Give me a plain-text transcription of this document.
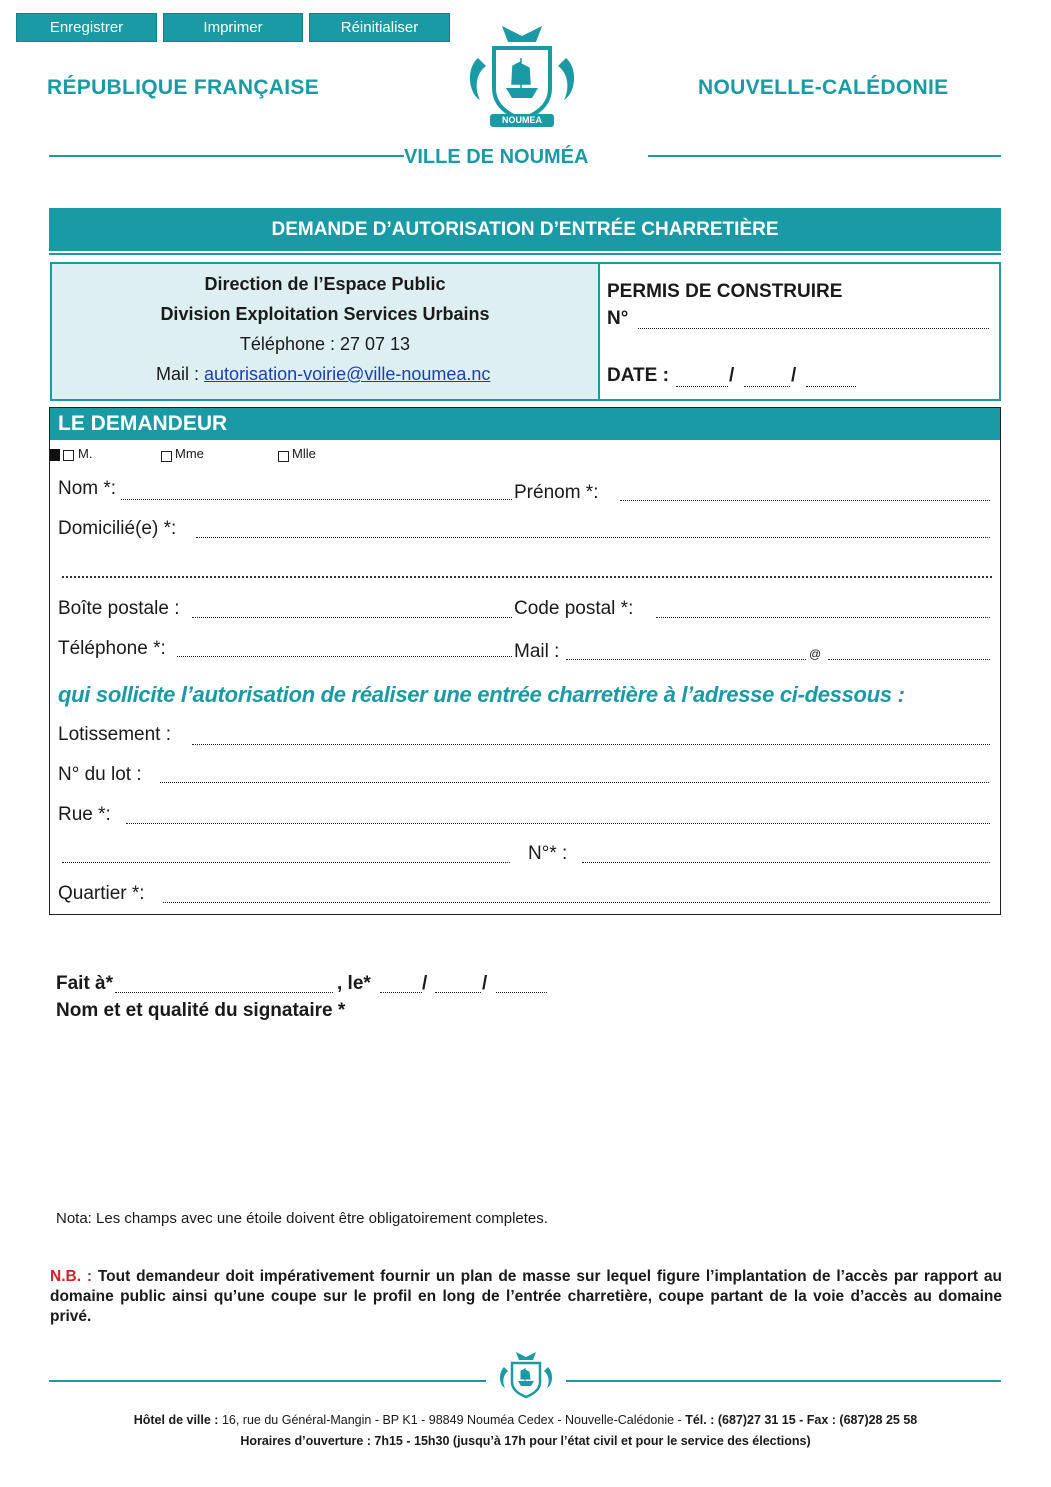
Enregistrer	Imprimer	Réinitialiser
RÉPUBLIQUE FRANÇAISE	NOUVELLE-CALÉDONIE
NOUMEA
VILLE DE NOUMÉA
DEMANDE D’AUTORISATION D’ENTRÉE CHARRETIÈRE
Direction de l’Espace Public
Division Exploitation Services Urbains
Téléphone : 27 07 13
Mail : autorisation-voirie@ville-noumea.nc
PERMIS DE CONSTRUIRE
N°
DATE :	/	/
LE DEMANDEUR
M.	Mme	Mlle
Nom *:	Prénom *:
Domicilié(e) *:
Boîte postale :	Code postal *:
Téléphone *:	Mail :	@
qui sollicite l’autorisation de réaliser une entrée charretière à l’adresse ci-dessous :
Lotissement :
N° du lot :
Rue *:
N°* :
Quartier *:
Fait à*	, le*	/	/
Nom et et qualité du signataire *
Nota: Les champs avec une étoile doivent être obligatoirement completes.
N.B. : Tout demandeur doit impérativement fournir un plan de masse sur lequel figure l’implantation de l’accès par rapport au domaine public ainsi qu’une coupe sur le profil en long de l’entrée charretière, coupe partant de la voie d’accès au domaine privé.
Hôtel de ville : 16, rue du Général-Mangin - BP K1 - 98849 Nouméa Cedex - Nouvelle-Calédonie - Tél. : (687)27 31 15 - Fax : (687)28 25 58
Horaires d’ouverture : 7h15 - 15h30 (jusqu’à 17h pour l’état civil et pour le service des élections)
